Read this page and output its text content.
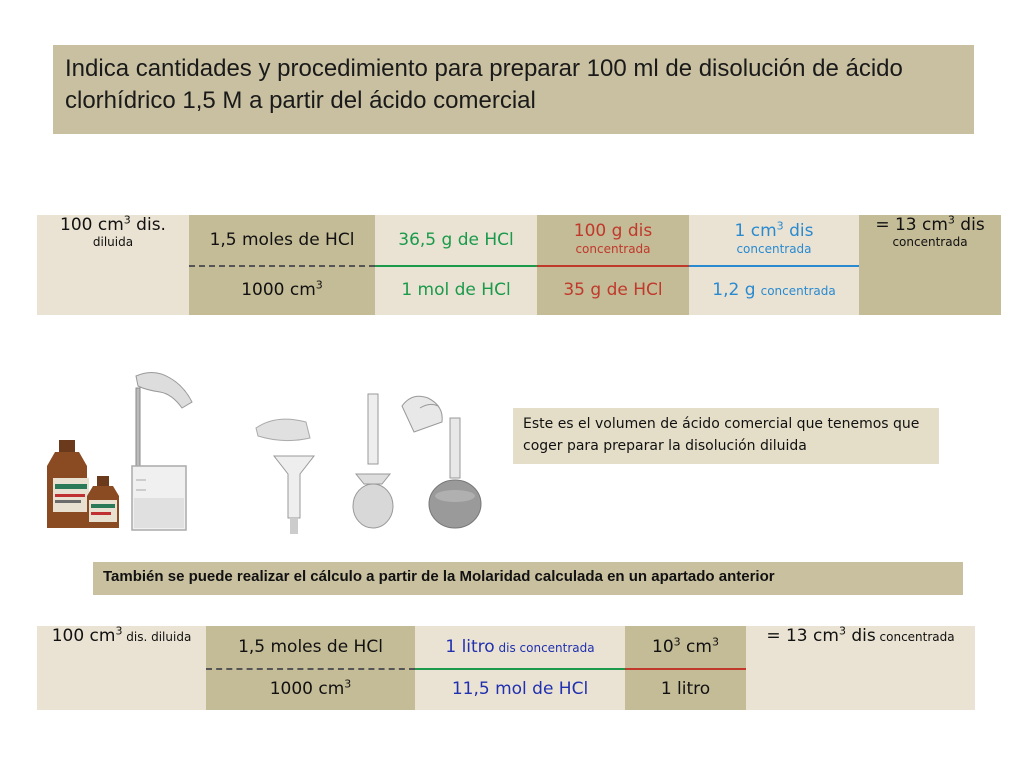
Indica cantidades y procedimiento para preparar 100 ml de disolución de ácido clorhídrico 1,5 M a partir del ácido comercial
100 $cm^3$ dis.
diluida	1,5 moles de HCl
1000 $cm^3$
36,5 g de HCl
1 mol de HCl
100 g dis
concentrada
35 g de HCl
1 $cm^3$ dis
concentrada
1,2 g concentrada
= 13 $cm^3$ dis
concentrada
Este es el volumen de ácido comercial que tenemos que coger para preparar la disolución diluida
También se puede realizar el cálculo a partir de la Molaridad calculada en un apartado anterior
100 $cm^3$ dis. diluida	1,5 moles de HCl
1000 $cm^3$
1 litro dis concentrada
11,5 mol de HCl
$10^3$ $cm^3$
1 litro
= 13 $cm^3$ dis concentrada
